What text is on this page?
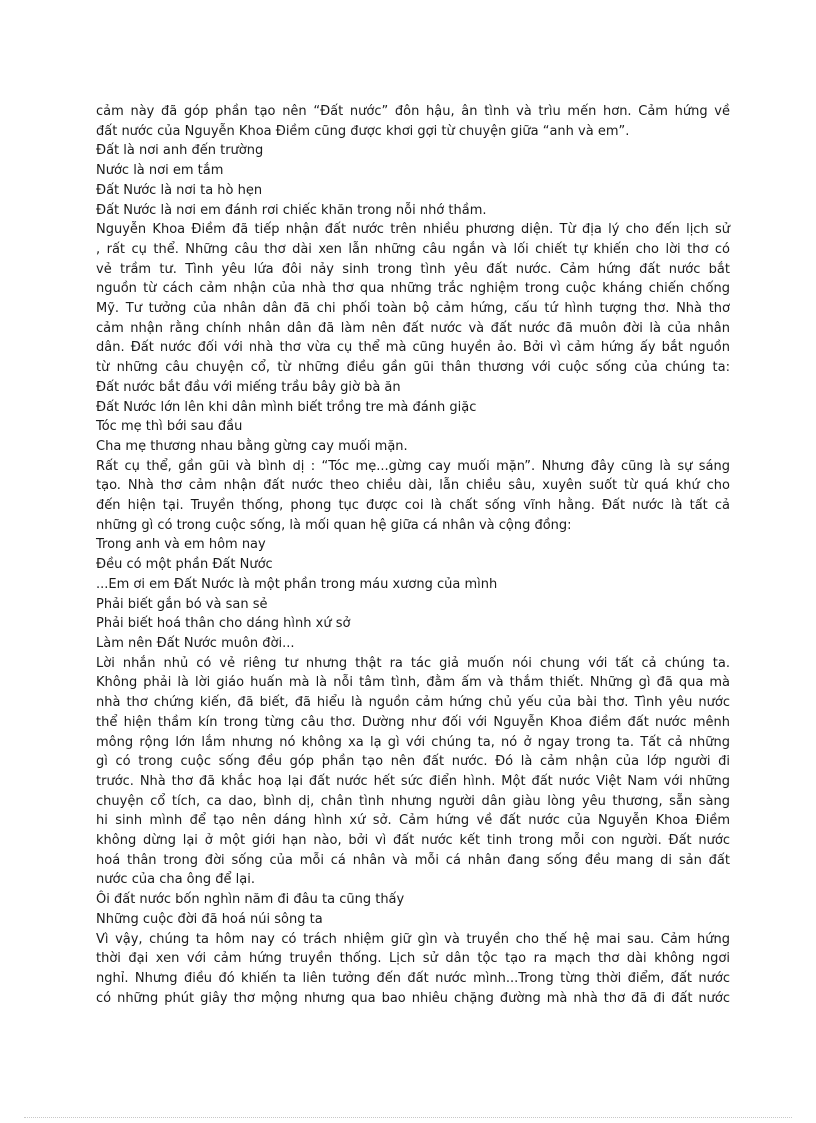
cảm này đã góp phần tạo nên “Đất nước” đôn hậu, ân tình và trìu mến hơn. Cảm hứng về
đất nước của Nguyễn Khoa Điềm cũng được khơi gợi từ chuyện giữa “anh và em”.
Đất là nơi anh đến trường
Nước là nơi em tắm
Đất Nước là nơi ta hò hẹn
Đất Nước là nơi em đánh rơi chiếc khăn trong nỗi nhớ thầm.
Nguyễn Khoa Điềm đã tiếp nhận đất nước trên nhiều phương diện. Từ địa lý cho đến lịch sử
, rất cụ thể. Những câu thơ dài xen lẫn những câu ngắn và lối chiết tự khiến cho lời thơ có
vẻ trầm tư. Tình yêu lứa đôi nảy sinh trong tình yêu đất nước. Cảm hứng đất nước bắt
nguồn từ cách cảm nhận của nhà thơ qua những trắc nghiệm trong cuộc kháng chiến chống
Mỹ. Tư tưởng của nhân dân đã chi phối toàn bộ cảm hứng, cấu tứ hình tượng thơ. Nhà thơ
cảm nhận rằng chính nhân dân đã làm nên đất nước và đất nước đã muôn đời là của nhân
dân. Đất nước đối với nhà thơ vừa cụ thể mà cũng huyền ảo. Bởi vì cảm hứng ấy bắt nguồn
từ những câu chuyện cổ, từ những điều gần gũi thân thương với cuộc sống của chúng ta:
Đất nước bắt đầu với miếng trầu bây giờ bà ăn
Đất Nước lớn lên khi dân mình biết trồng tre mà đánh giặc
Tóc mẹ thì bới sau đầu
Cha mẹ thương nhau bằng gừng cay muối mặn.
Rất cụ thể, gần gũi và bình dị : “Tóc mẹ...gừng cay muối mặn”. Nhưng đây cũng là sự sáng
tạo. Nhà thơ cảm nhận đất nước theo chiều dài, lẫn chiều sâu, xuyên suốt từ quá khứ cho
đến hiện tại. Truyền thống, phong tục được coi là chất sống vĩnh hằng. Đất nước là tất cả
những gì có trong cuộc sống, là mối quan hệ giữa cá nhân và cộng đồng:
Trong anh và em hôm nay
Đều có một phần Đất Nước
...Em ơi em Đất Nước là một phần trong máu xương của mình
Phải biết gắn bó và san sẻ
Phải biết hoá thân cho dáng hình xứ sở
Làm nên Đất Nước muôn đời...
Lời nhắn nhủ có vẻ riêng tư nhưng thật ra tác giả muốn nói chung với tất cả chúng ta.
Không phải là lời giáo huấn mà là nỗi tâm tình, đằm ấm và thắm thiết. Những gì đã qua mà
nhà thơ chứng kiến, đã biết, đã hiểu là nguồn cảm hứng chủ yếu của bài thơ. Tình yêu nước
thể hiện thầm kín trong từng câu thơ. Dường như đối với Nguyễn Khoa điềm đất nước mênh
mông rộng lớn lắm nhưng nó không xa lạ gì với chúng ta, nó ở ngay trong ta. Tất cả những
gì có trong cuộc sống đều góp phần tạo nên đất nước. Đó là cảm nhận của lớp người đi
trước. Nhà thơ đã khắc hoạ lại đất nước hết sức điển hình. Một đất nước Việt Nam với những
chuyện cổ tích, ca dao, bình dị, chân tình nhưng người dân giàu lòng yêu thương, sẵn sàng
hi sinh mình để tạo nên dáng hình xứ sở. Cảm hứng về đất nước của Nguyễn Khoa Điềm
không dừng lại ở một giới hạn nào, bởi vì đất nước kết tinh trong mỗi con người. Đất nước
hoá thân trong đời sống của mỗi cá nhân và mỗi cá nhân đang sống đều mang di sản đất
nước của cha ông để lại.
Ôi đất nước bốn nghìn năm đi đâu ta cũng thấy
Những cuộc đời đã hoá núi sông ta
Vì vậy, chúng ta hôm nay có trách nhiệm giữ gìn và truyền cho thế hệ mai sau. Cảm hứng
thời đại xen với cảm hứng truyền thống. Lịch sử dân tộc tạo ra mạch thơ dài không ngơi
nghỉ. Nhưng điều đó khiến ta liên tưởng đến đất nước mình...Trong từng thời điểm, đất nước
có những phút giây thơ mộng nhưng qua bao nhiêu chặng đường mà nhà thơ đã đi đất nước
